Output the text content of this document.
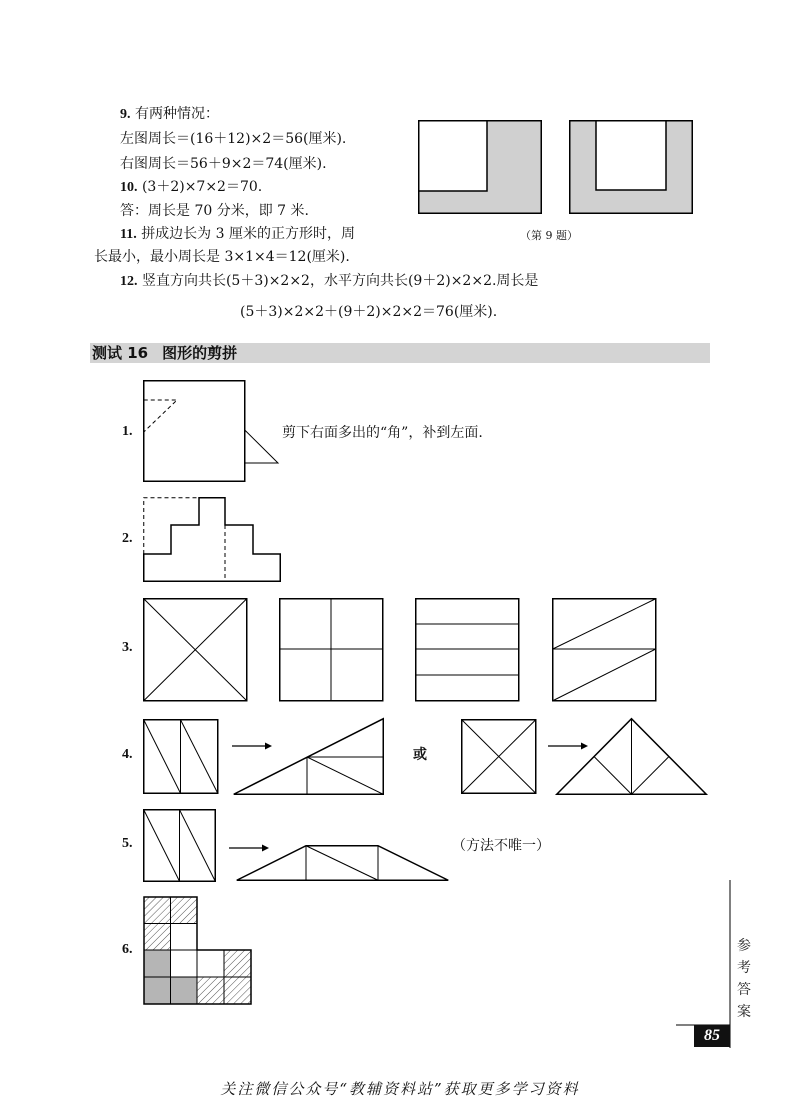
9. 有两种情况：
左图周长＝(16＋12)×2＝56(厘米).
右图周长＝56＋9×2＝74(厘米).
10. (3＋2)×7×2＝70.
答：周长是 70 分米，即 7 米.
11. 拼成边长为 3 厘米的正方形时，周
长最小，最小周长是 3×1×4＝12(厘米).
12. 竖直方向共长(5＋3)×2×2，水平方向共长(9＋2)×2×2.周长是
(5＋3)×2×2＋(9＋2)×2×2＝76(厘米).
（第 9 题）
测试 16 图形的剪拼
1.	剪下右面多出的“角”，补到左面.
2.
3.
4.	或
5.	（方法不唯一）
6.	参考答案
85
关注微信公众号“教辅资料站”获取更多学习资料
